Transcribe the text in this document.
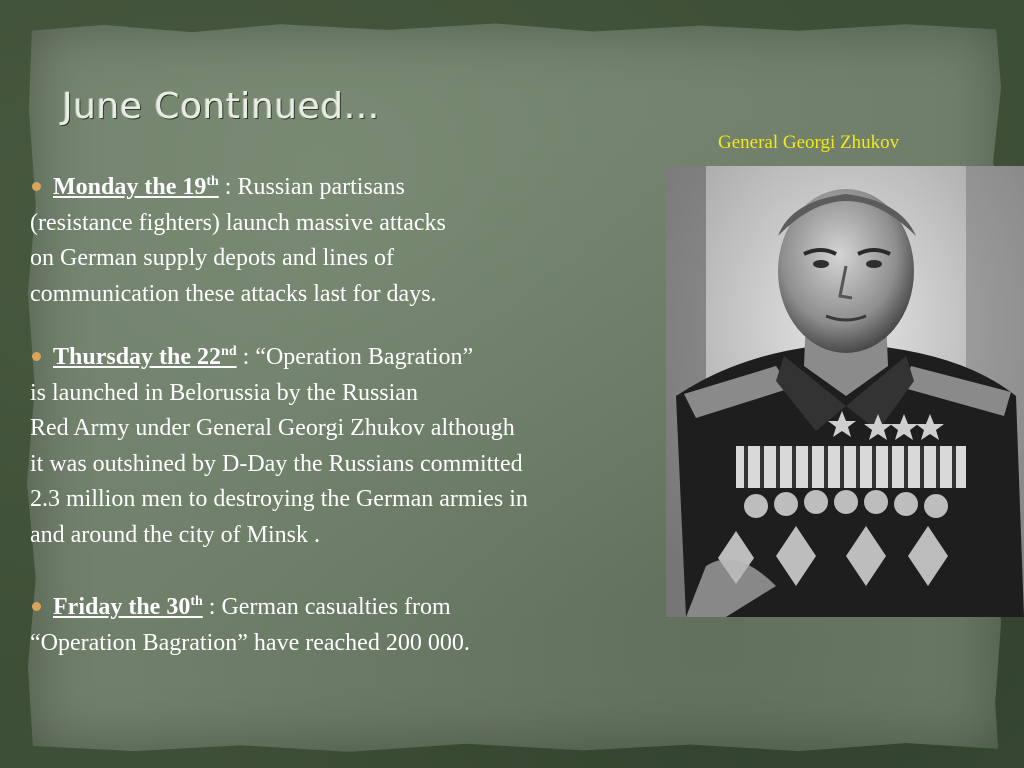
June Continued…
General Georgi Zhukov
Monday the 19th : Russian partisans
(resistance fighters) launch massive attacks
on German supply depots and lines of
communication these attacks last for days.
Thursday the 22nd : “Operation Bagration”
is launched in Belorussia by the Russian
Red Army under General Georgi Zhukov although
it was outshined by D-Day the Russians committed
2.3 million men to destroying the German armies in
and around the city of Minsk .
Friday the 30th : German casualties from
“Operation Bagration” have reached 200 000.
